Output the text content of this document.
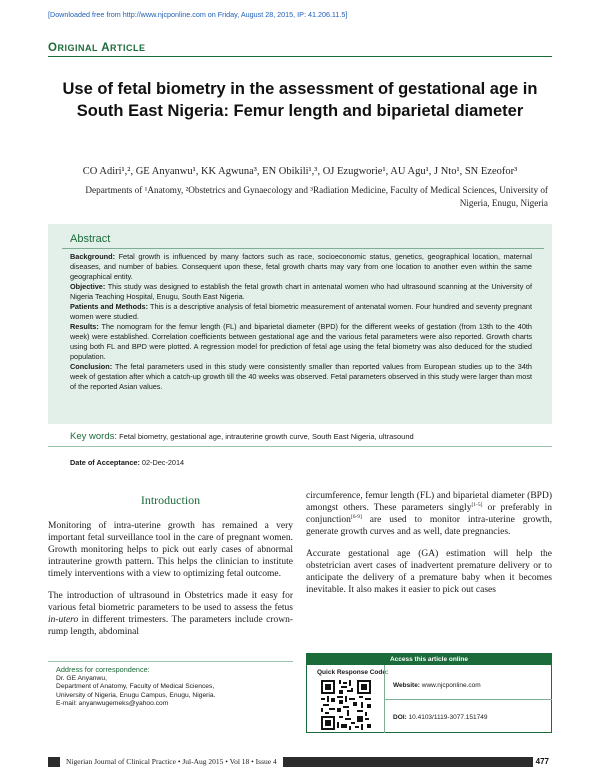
[Downloaded free from http://www.njcponline.com on Friday, August 28, 2015, IP: 41.206.11.5]
ORIGINAL ARTICLE
Use of fetal biometry in the assessment of gestational age in South East Nigeria: Femur length and biparietal diameter
CO Adiri¹,², GE Anyanwu¹, KK Agwuna³, EN Obikili¹,³, OJ Ezugworie¹, AU Agu¹, J Nto¹, SN Ezeofor³
Departments of ¹Anatomy, ²Obstetrics and Gynaecology and ³Radiation Medicine, Faculty of Medical Sciences, University of Nigeria, Enugu, Nigeria
Abstract

Background: Fetal growth is influenced by many factors such as race, socioeconomic status, genetics, geographical location, maternal diseases, and number of babies. Consequent upon these, fetal growth charts may vary from one location to another even within the same geographical entity.

Objective: This study was designed to establish the fetal growth chart in antenatal women who had ultrasound scanning at the University of Nigeria Teaching Hospital, Enugu, South East Nigeria.

Patients and Methods: This is a descriptive analysis of fetal biometric measurement of antenatal women. Four hundred and seventy pregnant women were studied.

Results: The nomogram for the femur length (FL) and biparietal diameter (BPD) for the different weeks of gestation (from 13th to the 40th week) were established. Correlation coefficients between gestational age and the various fetal parameters were also reported. Growth charts using both FL and BPD were plotted. A regression model for prediction of fetal age using the fetal biometry was also deduced for the studied population.

Conclusion: The fetal parameters used in this study were consistently smaller than reported values from European studies up to the 34th week of gestation after which a catch-up growth till the 40 weeks was observed. Fetal parameters observed in this study were larger than most of the reported Asian values.

Key words: Fetal biometry, gestational age, intrauterine growth curve, South East Nigeria, ultrasound
Date of Acceptance: 02-Dec-2014
Introduction

Monitoring of intra-uterine growth has remained a very important fetal surveillance tool in the care of pregnant women. Growth monitoring helps to pick out early cases of abnormal intrauterine growth pattern. This helps the clinician to institute timely interventions with a view to optimizing fetal outcome.

The introduction of ultrasound in Obstetrics made it easy for various fetal biometric parameters to be used to assess the fetus in-utero in different trimesters. The parameters include crown-rump length, abdominal

circumference, femur length (FL) and biparietal diameter (BPD) amongst others. These parameters singly[1-5] or preferably in conjunction[6-9] are used to monitor intra-uterine growth, generate growth curves and as well, date pregnancies.

Accurate gestational age (GA) estimation will help the obstetrician avert cases of inadvertent premature delivery or to anticipate the delivery of a premature baby when it becomes inevitable. It also makes it easier to pick out cases

Address for correspondence:
Dr. GE Anyanwu,
Department of Anatomy, Faculty of Medical Sciences,
University of Nigeria, Enugu Campus, Enugu, Nigeria.
E-mail: anyanwugemeks@yahoo.com
Access this article online
Quick Response Code:
Website: www.njcponline.com
DOI: 10.4103/1119-3077.151749
Nigerian Journal of Clinical Practice • Jul-Aug 2015 • Vol 18 • Issue 4	477
